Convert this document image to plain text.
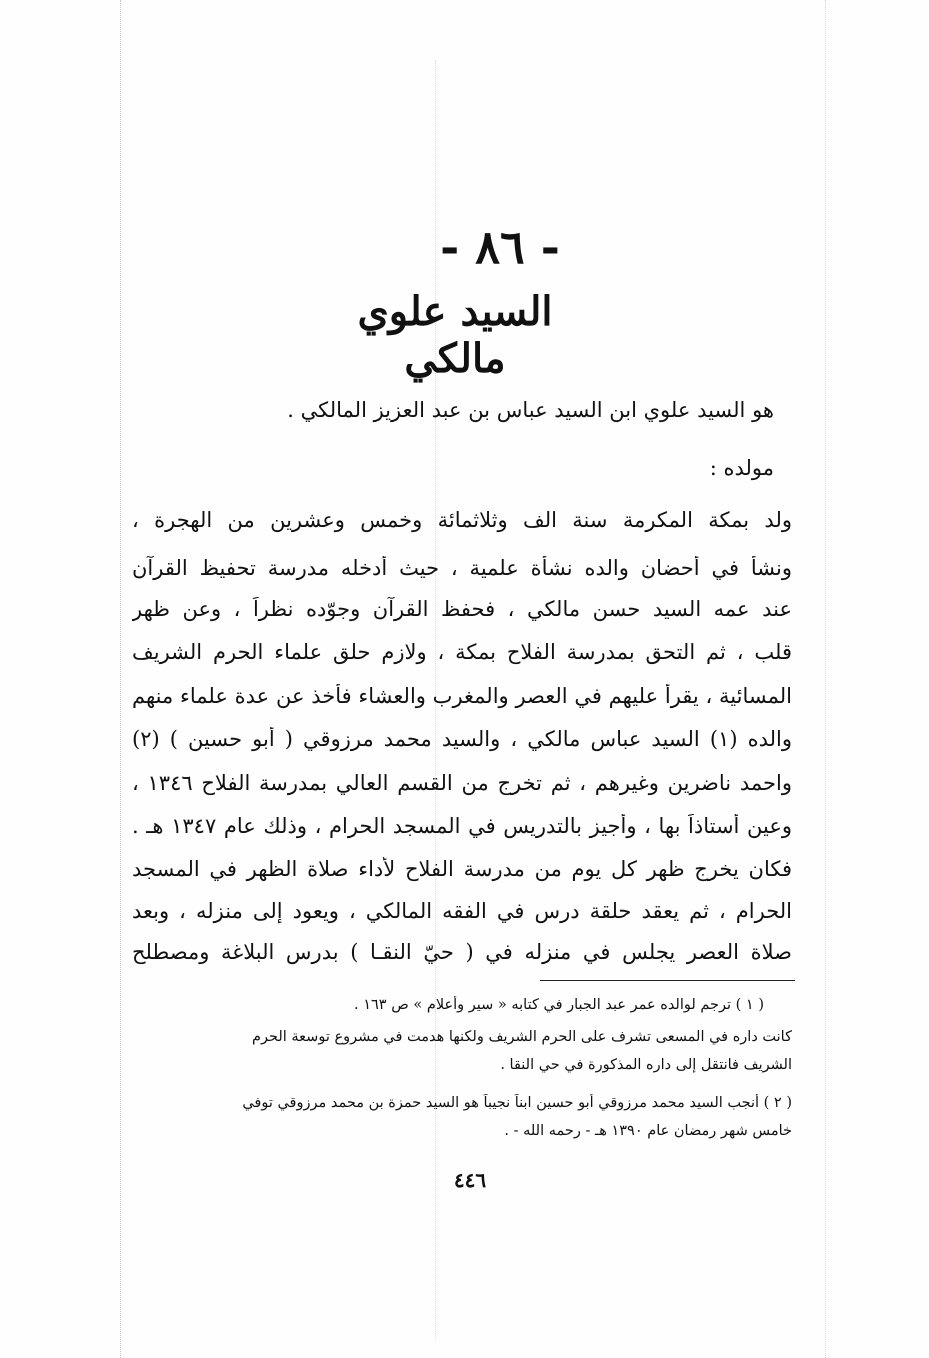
- ٨٦ -
السيد علوي مالكي
هو السيد علوي ابن السيد عباس بن عبد العزيز المالكي .
مولده :
ولد بمكة المكرمة سنة الف وثلاثمائة وخمس وعشرين من الهجرة ،
ونشأ في أحضان والده نشأة علمية ، حيث أدخله مدرسة تحفيظ القرآن
عند عمه السيد حسن مالكي ، فحفظ القرآن وجوّده نظراً ، وعن ظهر
قلب ، ثم التحق بمدرسة الفلاح بمكة ، ولازم حلق علماء الحرم الشريف
المسائية ، يقرأ عليهم في العصر والمغرب والعشاء فأخذ عن عدة علماء منهم
والده (١) السيد عباس مالكي ، والسيد محمد مرزوقي ( أبو حسين ) (٢)
واحمد ناضرين وغيرهم ، ثم تخرج من القسم العالي بمدرسة الفلاح ١٣٤٦ ،
وعين أستاذاً بها ، وأجيز بالتدريس في المسجد الحرام ، وذلك عام ١٣٤٧ هـ .
فكان يخرج ظهر كل يوم من مدرسة الفلاح لأداء صلاة الظهر في المسجد
الحرام ، ثم يعقد حلقة درس في الفقه المالكي ، ويعود إلى منزله ، وبعد
صلاة العصر يجلس في منزله في ( حيّ النقـا ) بدرس البلاغة ومصطلح
( ١ ) ترجم لوالده عمر عبد الجبار في كتابه « سير وأعلام » ص ١٦٣ .
كانت داره في المسعى تشرف على الحرم الشريف ولكنها هدمت في مشروع توسعة الحرم
الشريف فانتقل إلى داره المذكورة في حي النقا .
( ٢ ) أنجب السيد محمد مرزوقي أبو حسين ابناً نجيباً هو السيد حمزة بن محمد مرزوقي توفي
خامس شهر رمضان عام ١٣٩٠ هـ - رحمه الله - .
٤٤٦
